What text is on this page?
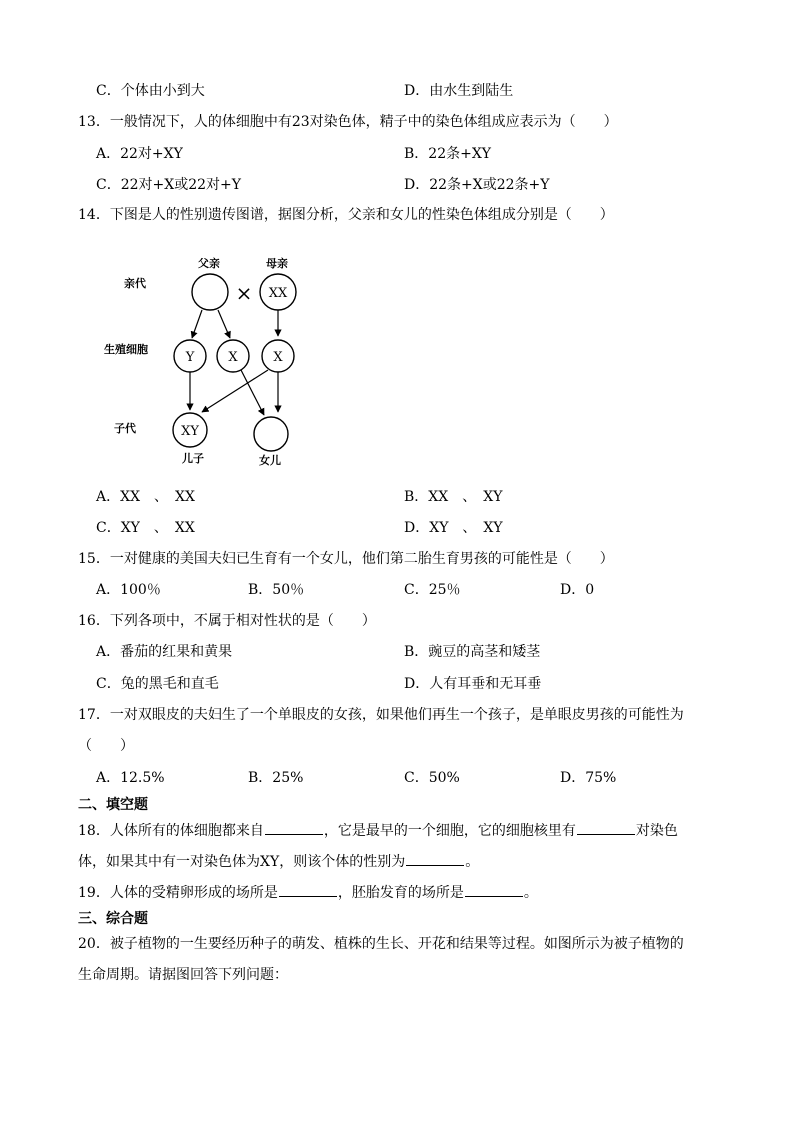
C．个体由小到大	D．由水生到陆生
13．一般情况下，人的体细胞中有23对染色体，精子中的染色体组成应表示为（　　）
A．22对+XY	B．22条+XY
C．22对+X或22对+Y	D．22条+X或22条+Y
14．下图是人的性别遗传图谱，据图分析，父亲和女儿的性染色体组成分别是（　　）
亲代
生殖细胞
子代
父亲	母亲
× XX
Y	X	X
XY
儿子	女儿
A．XX　、　XX	B．XX　、　XY
C．XY　、　XX	D．XY　、　XY
15．一对健康的美国夫妇已生育有一个女儿，他们第二胎生育男孩的可能性是（　　）
A．100％	B．50％	C．25％	D．0
16．下列各项中，不属于相对性状的是（　　）
A．番茄的红果和黄果	B．豌豆的高茎和矮茎
C．兔的黑毛和直毛	D．人有耳垂和无耳垂
17．一对双眼皮的夫妇生了一个单眼皮的女孩，如果他们再生一个孩子，是单眼皮男孩的可能性为
（　　）
A．12.5%	B．25%	C．50%	D．75%
二、填空题
18．人体所有的体细胞都来自	，它是最早的一个细胞，它的细胞核里有	对染色
体，如果其中有一对染色体为XY，则该个体的性别为	。
19．人体的受精卵形成的场所是	，胚胎发育的场所是	。
三、综合题
20．被子植物的一生要经历种子的萌发、植株的生长、开花和结果等过程。如图所示为被子植物的
生命周期。请据图回答下列问题：
